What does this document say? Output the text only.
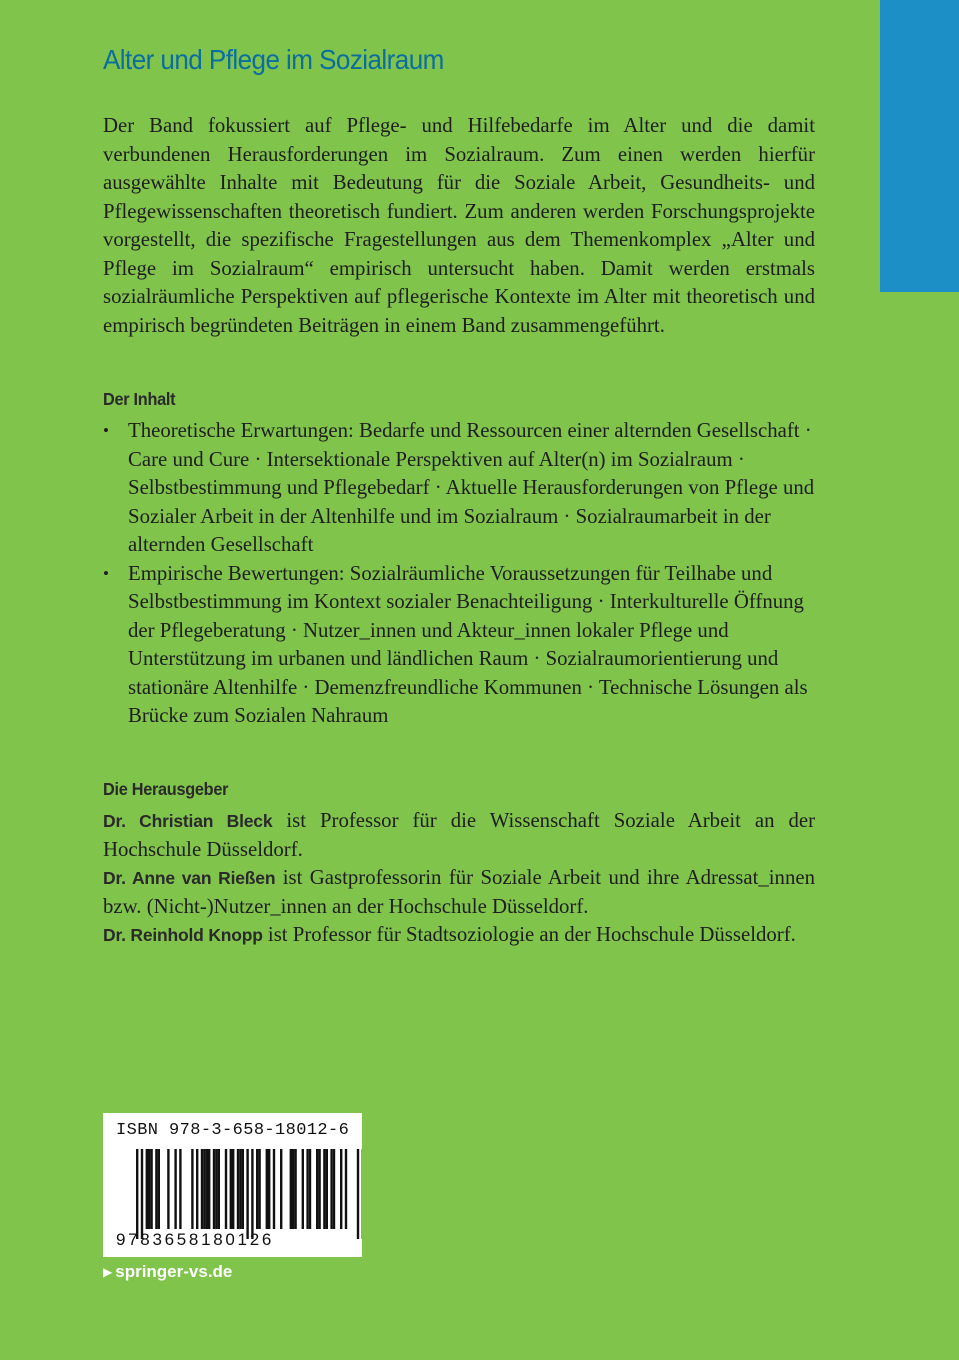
Alter und Pflege im Sozialraum

Der Band fokussiert auf Pflege- und Hilfebedarfe im Alter und die damit verbundenen Herausforderungen im Sozialraum. Zum einen werden hierfür ausgewählte Inhalte mit Bedeutung für die Soziale Arbeit, Gesundheits- und Pflegewissenschaften theoretisch fundiert. Zum anderen werden Forschungsprojekte vorgestellt, die spezifische Fragestellungen aus dem Themenkomplex „Alter und Pflege im Sozialraum“ empirisch untersucht haben. Damit werden erstmals sozialräumliche Perspektiven auf pflegerische Kontexte im Alter mit theoretisch und empirisch begründeten Beiträgen in einem Band zusammengeführt.

Der Inhalt
• Theoretische Erwartungen: Bedarfe und Ressourcen einer alternden Gesellschaft · Care und Cure · Intersektionale Perspektiven auf Alter(n) im Sozialraum · Selbstbestimmung und Pflegebedarf · Aktuelle Herausforderungen von Pflege und Sozialer Arbeit in der Altenhilfe und im Sozialraum · Sozialraumarbeit in der alternden Gesellschaft
• Empirische Bewertungen: Sozialräumliche Voraussetzungen für Teilhabe und Selbstbestimmung im Kontext sozialer Benachteiligung · Interkulturelle Öffnung der Pflegeberatung · Nutzer_innen und Akteur_innen lokaler Pflege und Unterstützung im urbanen und ländlichen Raum · Sozialraumorientierung und stationäre Altenhilfe · Demenzfreundliche Kommunen · Technische Lösungen als Brücke zum Sozialen Nahraum
Die Herausgeber

Dr. Christian Bleck ist Professor für die Wissenschaft Soziale Arbeit an der Hochschule Düsseldorf.

Dr. Anne van Rießen ist Gastprofessorin für Soziale Arbeit und ihre Adressat_innen bzw. (Nicht-)Nutzer_innen an der Hochschule Düsseldorf.

Dr. Reinhold Knopp ist Professor für Stadtsoziologie an der Hochschule Düsseldorf.

ISBN 978-3-658-18012-6
9783658180126
▶ springer-vs.de
